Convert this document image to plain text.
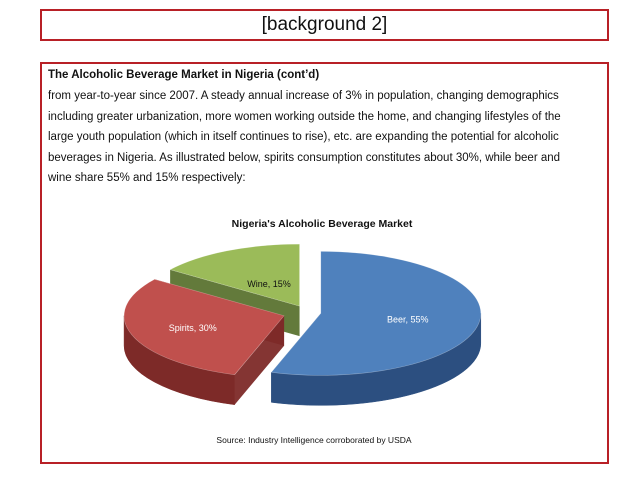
[background 2]
The Alcoholic Beverage Market in Nigeria (cont’d)
from year-to-year since 2007. A steady annual increase of 3% in population, changing demographics
including greater urbanization, more women working outside the home, and changing lifestyles of the
large youth population (which in itself continues to rise), etc. are expanding the potential for alcoholic
beverages in Nigeria. As illustrated below, spirits consumption constitutes about 30%, while beer and
wine share 55% and 15% respectively:
Nigeria's Alcoholic Beverage Market
Beer, 55%
Spirits, 30%
Wine, 15%
Source: Industry Intelligence corroborated by USDA
